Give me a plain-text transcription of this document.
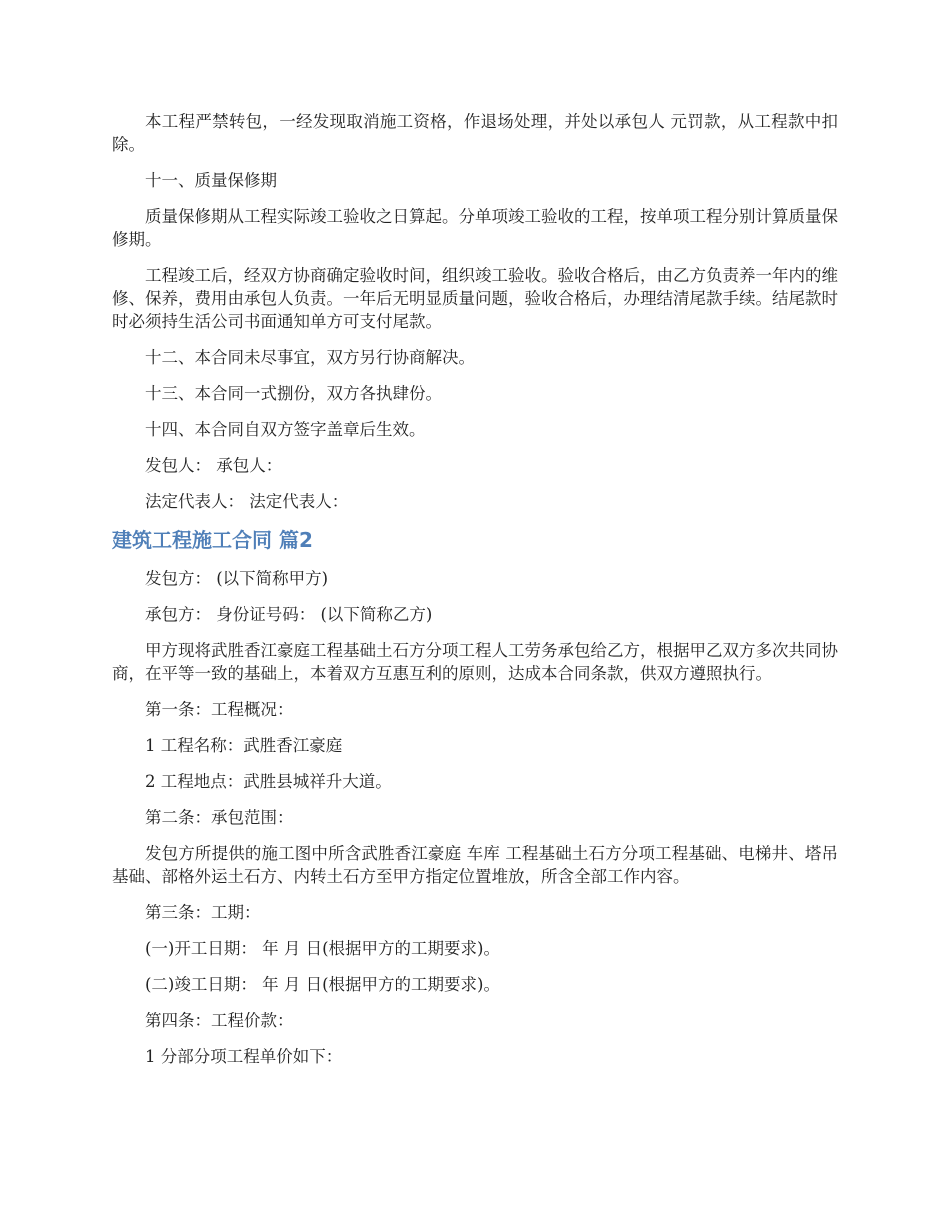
本工程严禁转包，一经发现取消施工资格，作退场处理，并处以承包人 元罚款，从工程款中扣除。

十一、质量保修期

质量保修期从工程实际竣工验收之日算起。分单项竣工验收的工程，按单项工程分别计算质量保修期。

工程竣工后，经双方协商确定验收时间，组织竣工验收。验收合格后，由乙方负责养一年内的维修、保养，费用由承包人负责。一年后无明显质量问题，验收合格后，办理结清尾款手续。结尾款时时必须持生活公司书面通知单方可支付尾款。

十二、本合同未尽事宜，双方另行协商解决。

十三、本合同一式捌份，双方各执肆份。

十四、本合同自双方签字盖章后生效。

发包人： 承包人：

法定代表人： 法定代表人：

建筑工程施工合同 篇2

发包方： (以下简称甲方)

承包方： 身份证号码： (以下简称乙方)

甲方现将武胜香江豪庭工程基础土石方分项工程人工劳务承包给乙方，根据甲乙双方多次共同协商，在平等一致的基础上，本着双方互惠互利的原则，达成本合同条款，供双方遵照执行。

第一条：工程概况：

1 工程名称：武胜香江豪庭

2 工程地点：武胜县城祥升大道。

第二条：承包范围：

发包方所提供的施工图中所含武胜香江豪庭 车库 工程基础土石方分项工程基础、电梯井、塔吊基础、部格外运土石方、内转土石方至甲方指定位置堆放，所含全部工作内容。

第三条：工期：

(一)开工日期： 年 月 日(根据甲方的工期要求)。

(二)竣工日期： 年 月 日(根据甲方的工期要求)。

第四条：工程价款：

1 分部分项工程单价如下：
